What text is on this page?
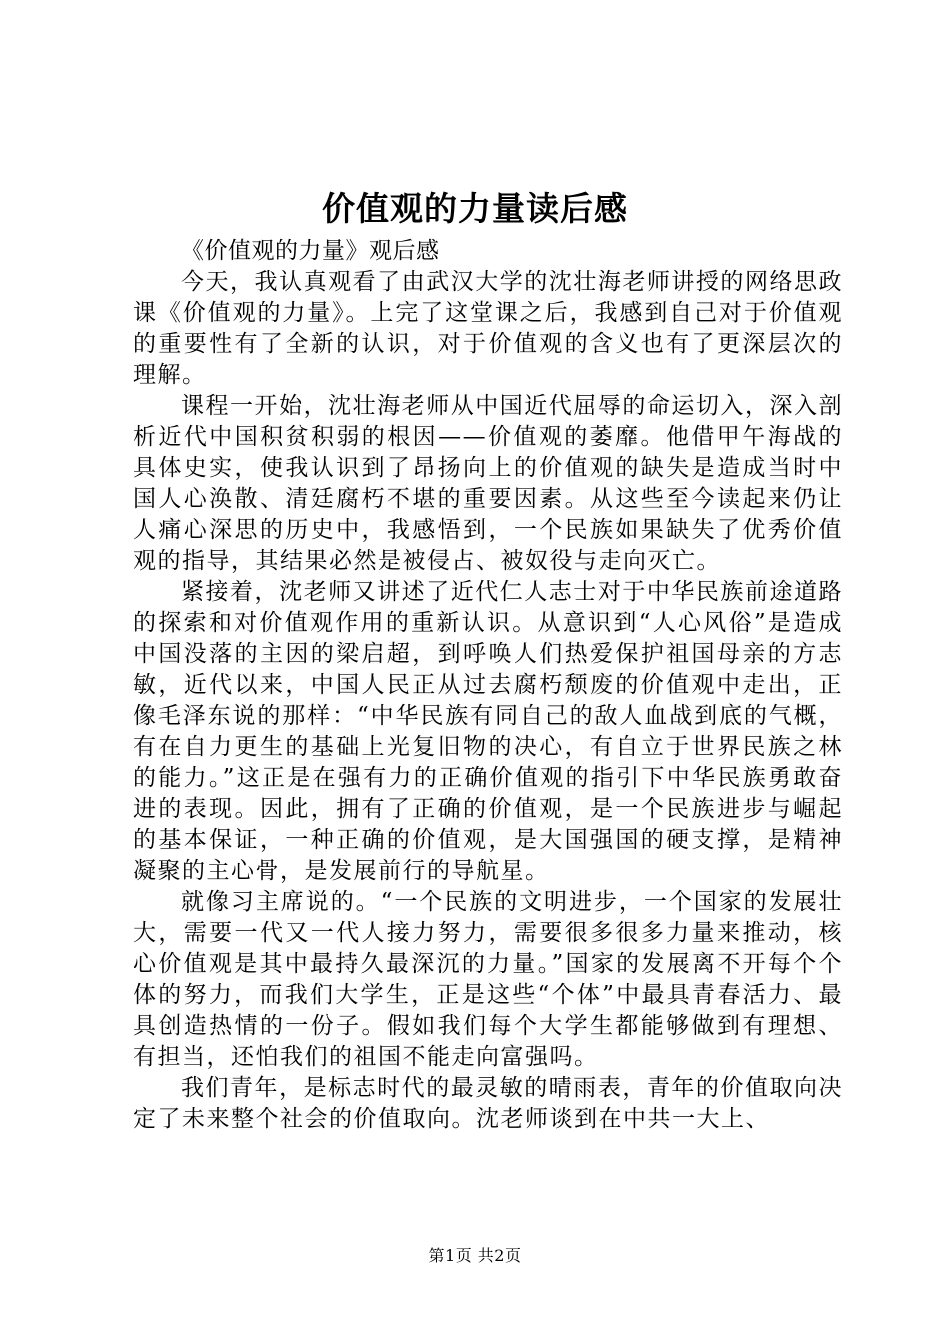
价值观的力量读后感

《价值观的力量》观后感

今天，我认真观看了由武汉大学的沈壮海老师讲授的网络思政课《价值观的力量》。上完了这堂课之后，我感到自己对于价值观的重要性有了全新的认识，对于价值观的含义也有了更深层次的理解。

课程一开始，沈壮海老师从中国近代屈辱的命运切入，深入剖析近代中国积贫积弱的根因——价值观的萎靡。他借甲午海战的具体史实，使我认识到了昂扬向上的价值观的缺失是造成当时中国人心涣散、清廷腐朽不堪的重要因素。从这些至今读起来仍让人痛心深思的历史中，我感悟到，一个民族如果缺失了优秀价值观的指导，其结果必然是被侵占、被奴役与走向灭亡。

紧接着，沈老师又讲述了近代仁人志士对于中华民族前途道路的探索和对价值观作用的重新认识。从意识到“人心风俗”是造成中国没落的主因的梁启超，到呼唤人们热爱保护祖国母亲的方志敏，近代以来，中国人民正从过去腐朽颓废的价值观中走出，正像毛泽东说的那样：“中华民族有同自己的敌人血战到底的气概，有在自力更生的基础上光复旧物的决心，有自立于世界民族之林的能力。”这正是在强有力的正确价值观的指引下中华民族勇敢奋进的表现。因此，拥有了正确的价值观，是一个民族进步与崛起的基本保证，一种正确的价值观，是大国强国的硬支撑，是精神凝聚的主心骨，是发展前行的导航星。

就像习主席说的。“一个民族的文明进步，一个国家的发展壮大，需要一代又一代人接力努力，需要很多很多力量来推动，核心价值观是其中最持久最深沉的力量。”国家的发展离不开每个个体的努力，而我们大学生，正是这些“个体”中最具青春活力、最具创造热情的一份子。假如我们每个大学生都能够做到有理想、有担当，还怕我们的祖国不能走向富强吗。

我们青年，是标志时代的最灵敏的晴雨表，青年的价值取向决定了未来整个社会的价值取向。沈老师谈到在中共一大上、

第1页 共2页
